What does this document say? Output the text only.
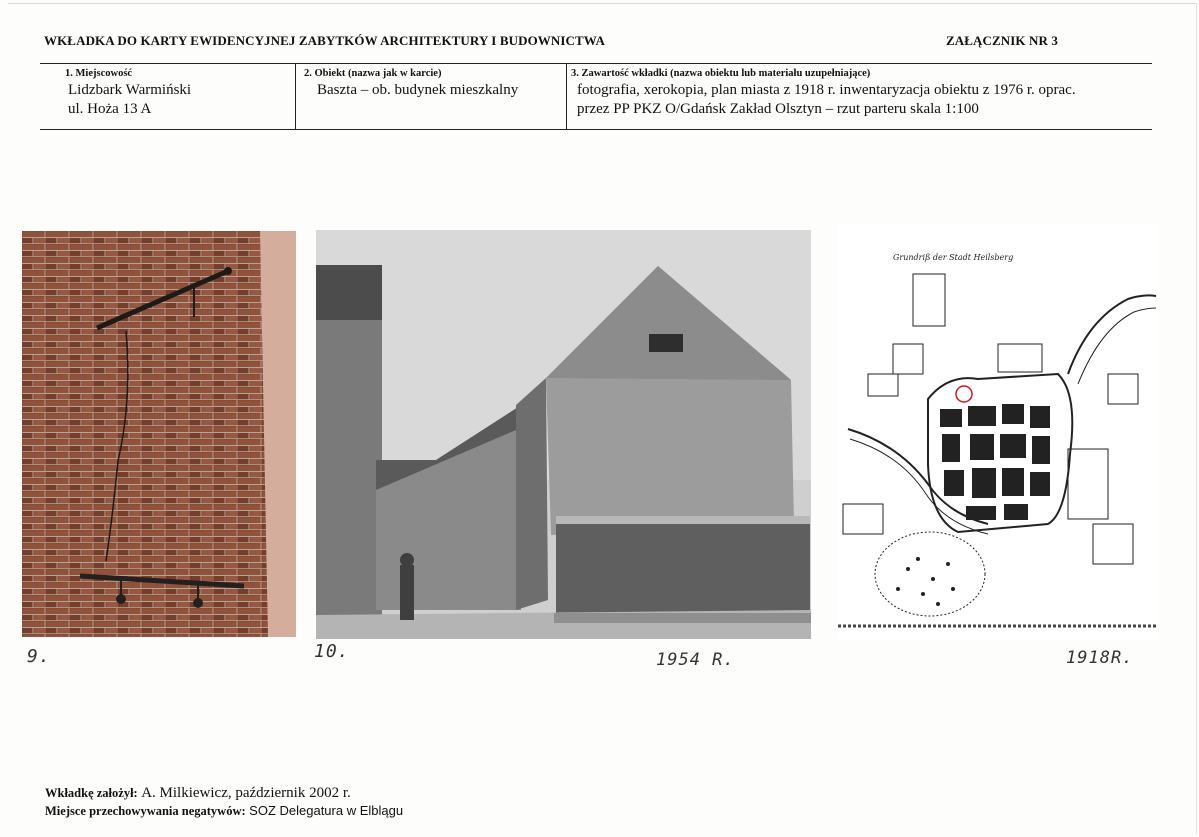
WKŁADKA DO KARTY EWIDENCYJNEJ ZABYTKÓW ARCHITEKTURY I BUDOWNICTWA	ZAŁĄCZNIK NR 3
1. Miejscowość
Lidzbark Warmiński
ul. Hoża 13 A
2. Obiekt (nazwa jak w karcie)
Baszta – ob. budynek mieszkalny
3. Zawartość wkładki (nazwa obiektu lub materiału uzupełniające)
fotografia, xerokopia, plan miasta z 1918 r. inwentaryzacja obiektu z 1976 r. oprac.
przez PP PKZ O/Gdańsk Zakład Olsztyn – rzut parteru skala 1:100
Grundriß der Stadt Heilsberg
9.	10.	1954 R.	1918R.
Wkładkę założył: A. Milkiewicz, październik 2002 r.
Miejsce przechowywania negatywów: SOZ Delegatura w Elblągu
